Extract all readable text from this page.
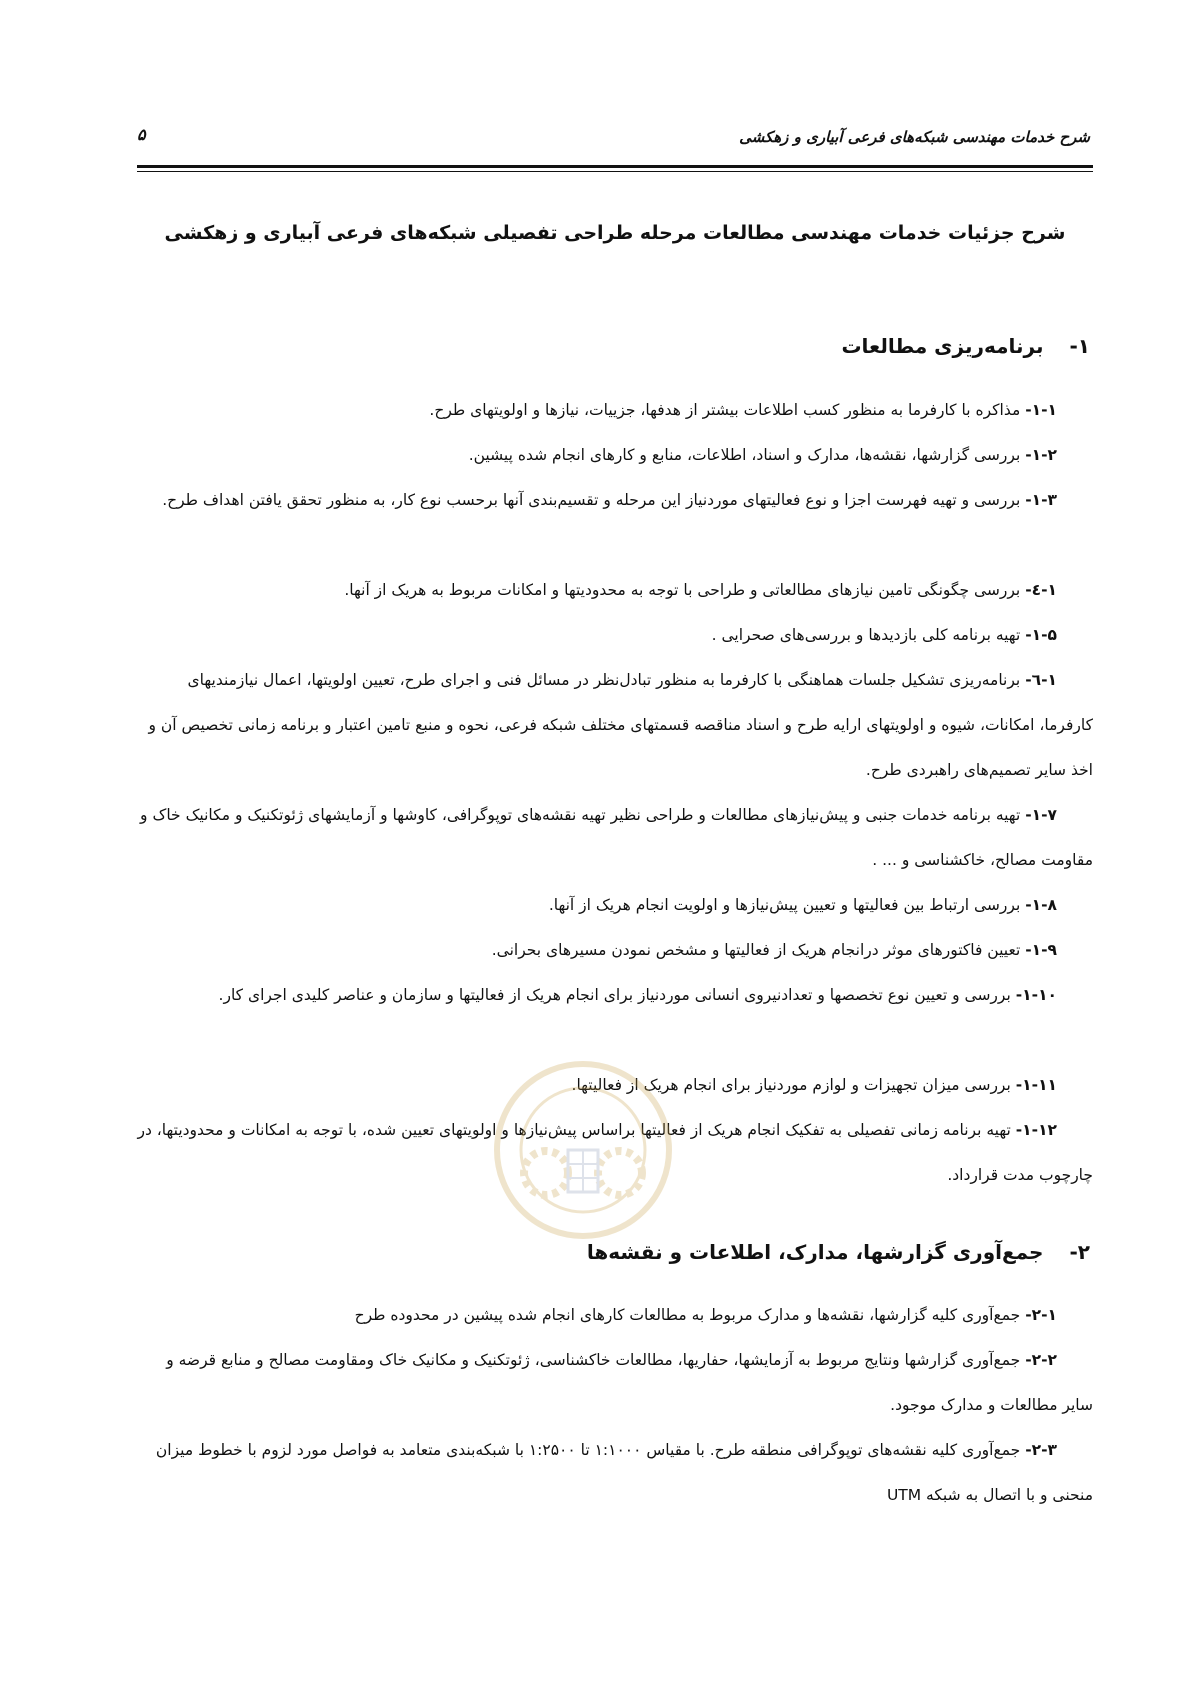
شرح خدمات مهندسی شبکه‌های فرعی آبیاری و زهکشی
۵
شرح جزئیات خدمات مهندسی مطالعات مرحله طراحی تفصیلی شبکه‌های فرعی آبیاری و زهکشی
۱-برنامه‌ریزی مطالعات
۱-۱- مذاکره با کارفرما به منظور کسب اطلاعات بیشتر از هدفها، جزییات، نیازها و اولویتهای طرح.
۱-۲- بررسی گزارشها، نقشه‌ها، مدارک و اسناد، اطلاعات، منابع و کارهای انجام شده پیشین.
۱-۳- بررسی و تهیه فهرست اجزا و نوع فعالیتهای موردنیاز این مرحله و تقسیم‌بندی آنها برحسب نوع کار، به منظور تحقق یافتن اهداف طرح.
۱-٤- بررسی چگونگی تامین نیازهای مطالعاتی و طراحی با توجه به محدودیتها و امکانات مربوط به هریک از آنها.
۱-۵- تهیه برنامه کلی بازدیدها و بررسی‌های صحرایی .
۱-٦- برنامه‌ریزی تشکیل جلسات هماهنگی با کارفرما به منظور تبادل‌نظر در مسائل فنی و اجرای طرح، تعیین اولویتها، اعمال نیازمندیهای کارفرما، امکانات، شیوه و اولویتهای ارایه طرح و اسناد مناقصه قسمتهای مختلف شبکه فرعی، نحوه و منبع تامین اعتبار و برنامه زمانی تخصیص آن و اخذ سایر تصمیم‌های راهبردی طرح.
۱-۷- تهیه برنامه خدمات جنبی و پیش‌نیازهای مطالعات و طراحی نظیر تهیه نقشه‌های توپوگرافی، کاوشها و آزمایشهای ژئوتکنیک و مکانیک خاک و مقاومت مصالح، خاکشناسی و ... .
۱-۸- بررسی ارتباط بین فعالیتها و تعیین پیش‌نیازها و اولویت انجام هریک از آنها.
۱-۹- تعیین فاکتورهای موثر درانجام هریک از فعالیتها و مشخص نمودن مسیرهای بحرانی.
۱-۱۰- بررسی و تعیین نوع تخصصها و تعدادنیروی انسانی موردنیاز برای انجام هریک از فعالیتها و سازمان و عناصر کلیدی اجرای کار.
۱-۱۱- بررسی میزان تجهیزات و لوازم موردنیاز برای انجام هریک از فعالیتها.
۱-۱۲- تهیه برنامه زمانی تفصیلی به تفکیک انجام هریک از فعالیتها براساس پیش‌نیازها و اولویتهای تعیین شده، با توجه به امکانات و محدودیتها، در چارچوب مدت قرارداد.
۲-جمع‌آوری گزارشها، مدارک، اطلاعات و نقشه‌ها
۲-۱- جمع‌آوری کلیه گزارشها، نقشه‌ها و مدارک مربوط به مطالعات کارهای انجام شده پیشین در محدوده طرح
۲-۲- جمع‌آوری گزارشها ونتایج مربوط به آزمایشها، حفاریها، مطالعات خاکشناسی، ژئوتکنیک و مکانیک خاک ومقاومت مصالح و منابع قرضه و سایر مطالعات و مدارک موجود.
۲-۳- جمع‌آوری کلیه نقشه‌های توپوگرافی منطقه طرح. با مقیاس ۱:۱۰۰۰ تا ۱:۲۵۰۰ با شبکه‌بندی متعامد به فواصل مورد لزوم با خطوط میزان منحنی و با اتصال به شبکه UTM
